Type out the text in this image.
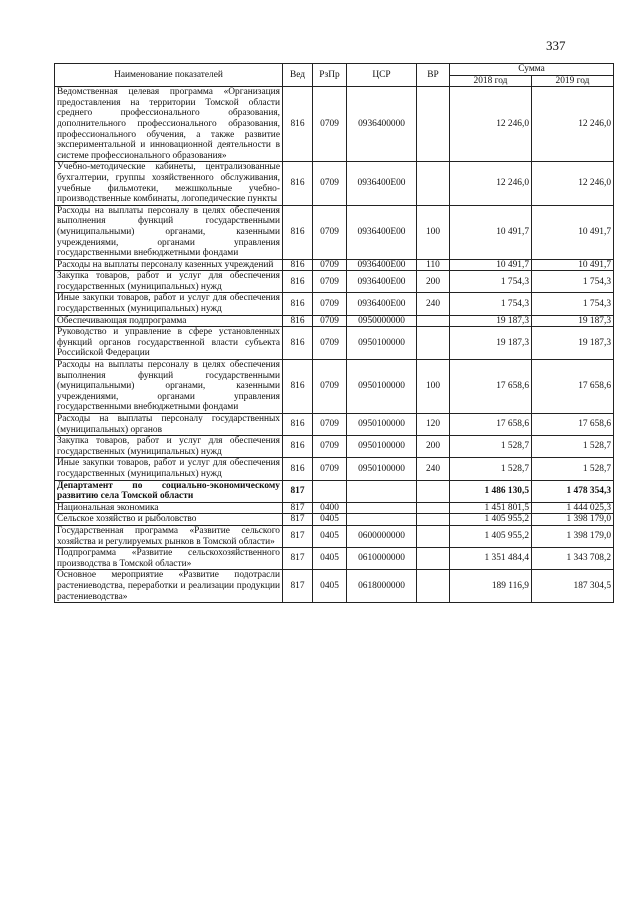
337
Наименование показателей	Вед	РзПр	ЦСР	ВР	Сумма	
					2018 год	2019 год
Ведомственная целевая программа «Организация предоставления на территории Томской области среднего профессионального образования, дополнительного профессионального образования, профессионального обучения, а также развитие экспериментальной и инновационной деятельности в системе профессионального образования»	816	0709	0936400000		12 246,0	12 246,0
Учебно-методические кабинеты, централизованные бухгалтерии, группы хозяйственного обслуживания, учебные фильмотеки, межшкольные учебно-производственные комбинаты, логопедические пункты	816	0709	0936400Е00		12 246,0	12 246,0
Расходы на выплаты персоналу в целях обеспечения выполнения функций государственными (муниципальными) органами, казенными учреждениями, органами управления государственными внебюджетными фондами	816	0709	0936400Е00	100	10 491,7	10 491,7
Расходы на выплаты персоналу казенных учреждений	816	0709	0936400Е00	110	10 491,7	10 491,7
Закупка товаров, работ и услуг для обеспечения государственных (муниципальных) нужд	816	0709	0936400Е00	200	1 754,3	1 754,3
Иные закупки товаров, работ и услуг для обеспечения государственных (муниципальных) нужд	816	0709	0936400Е00	240	1 754,3	1 754,3
Обеспечивающая подпрограмма	816	0709	0950000000		19 187,3	19 187,3
Руководство и управление в сфере установленных функций органов государственной власти субъекта Российской Федерации	816	0709	0950100000		19 187,3	19 187,3
Расходы на выплаты персоналу в целях обеспечения выполнения функций государственными (муниципальными) органами, казенными учреждениями, органами управления государственными внебюджетными фондами	816	0709	0950100000	100	17 658,6	17 658,6
Расходы на выплаты персоналу государственных (муниципальных) органов	816	0709	0950100000	120	17 658,6	17 658,6
Закупка товаров, работ и услуг для обеспечения государственных (муниципальных) нужд	816	0709	0950100000	200	1 528,7	1 528,7
Иные закупки товаров, работ и услуг для обеспечения государственных (муниципальных) нужд	816	0709	0950100000	240	1 528,7	1 528,7
Департамент по социально-экономическому развитию села Томской области	817				1 486 130,5	1 478 354,3
Национальная экономика	817	0400			1 451 801,5	1 444 025,3
Сельское хозяйство и рыболовство	817	0405			1 405 955,2	1 398 179,0
Государственная программа «Развитие сельского хозяйства и регулируемых рынков в Томской области»	817	0405	0600000000		1 405 955,2	1 398 179,0
Подпрограмма «Развитие сельскохозяйственного производства в Томской области»	817	0405	0610000000		1 351 484,4	1 343 708,2
Основное мероприятие «Развитие подотрасли растениеводства, переработки и реализации продукции растениеводства»	817	0405	0618000000		189 116,9	187 304,5
